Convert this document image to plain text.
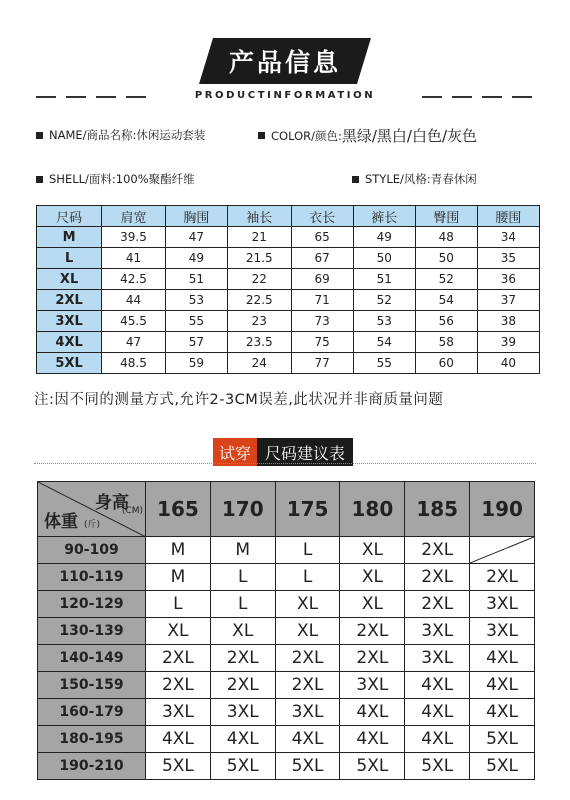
产品信息
PRODUCTINFORMATION
NAME/商品名称: 休闲运动套装	COLOR/颜色: 黑绿/黑白/白色/灰色
SHELL/面料: 100%聚酯纤维	STYLE/风格: 青春休闲
尺码	肩宽	胸围	袖长	衣长	裤长	臀围	腰围
M	39.5	47	21	65	49	48	34
L	41	49	21.5	67	50	50	35
XL	42.5	51	22	69	51	52	36
2XL	44	53	22.5	71	52	54	37
3XL	45.5	55	23	73	53	56	38
4XL	47	57	23.5	75	54	58	39
5XL	48.5	59	24	77	55	60	40
注:因不同的测量方式,允许2-3CM误差,此状况并非商质量问题
试穿 尺码建议表
身高
(CM)
体重 (斤)	165	170	175	180	185	190
90-109	M	M	L	XL	2XL	

110-119	M	L	L	XL	2XL	2XL
120-129	L	L	XL	XL	2XL	3XL
130-139	XL	XL	XL	2XL	3XL	3XL
140-149	2XL	2XL	2XL	2XL	3XL	4XL
150-159	2XL	2XL	2XL	3XL	4XL	4XL
160-179	3XL	3XL	3XL	4XL	4XL	4XL
180-195	4XL	4XL	4XL	4XL	4XL	5XL
190-210	5XL	5XL	5XL	5XL	5XL	5XL
